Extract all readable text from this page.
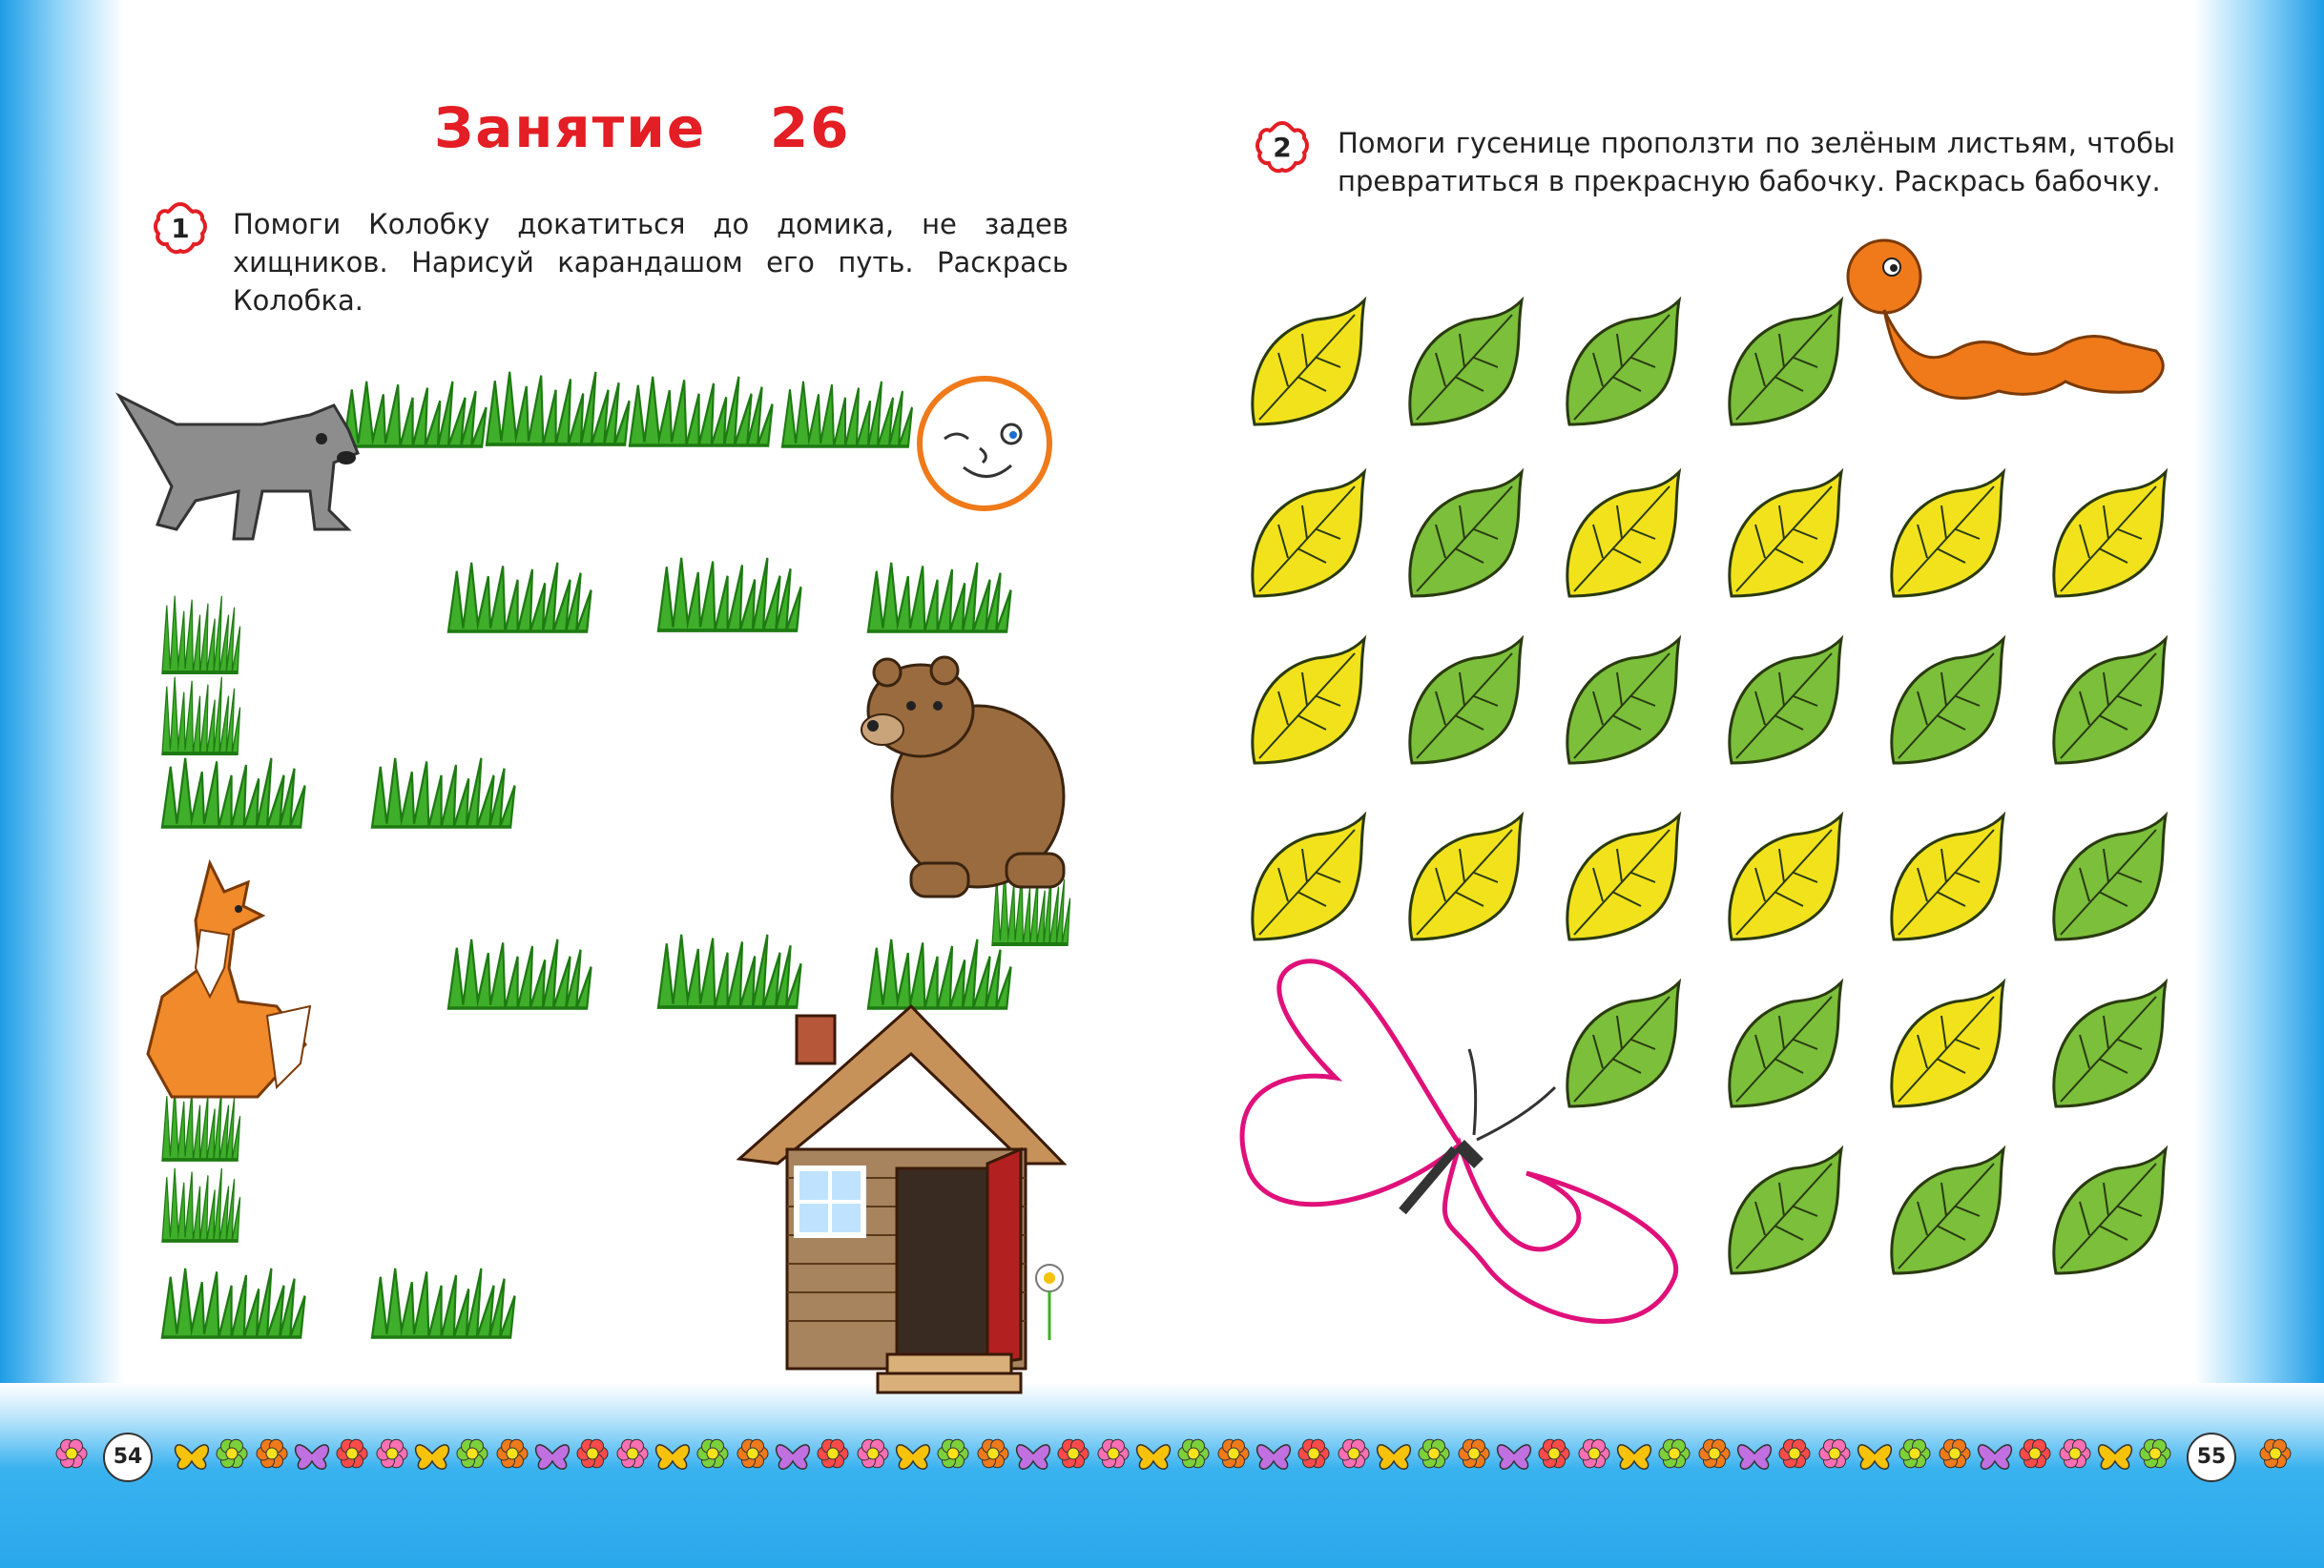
Занятие   26
1	Помоги Колобку докатиться до домика, не задев хищников. Нарисуй карандашом его путь. Раскрась Колобка.
2	Помоги гусенице проползти по зелёным листьям, чтобы превратиться в прекрасную бабочку. Раскрась бабочку.
54	55
